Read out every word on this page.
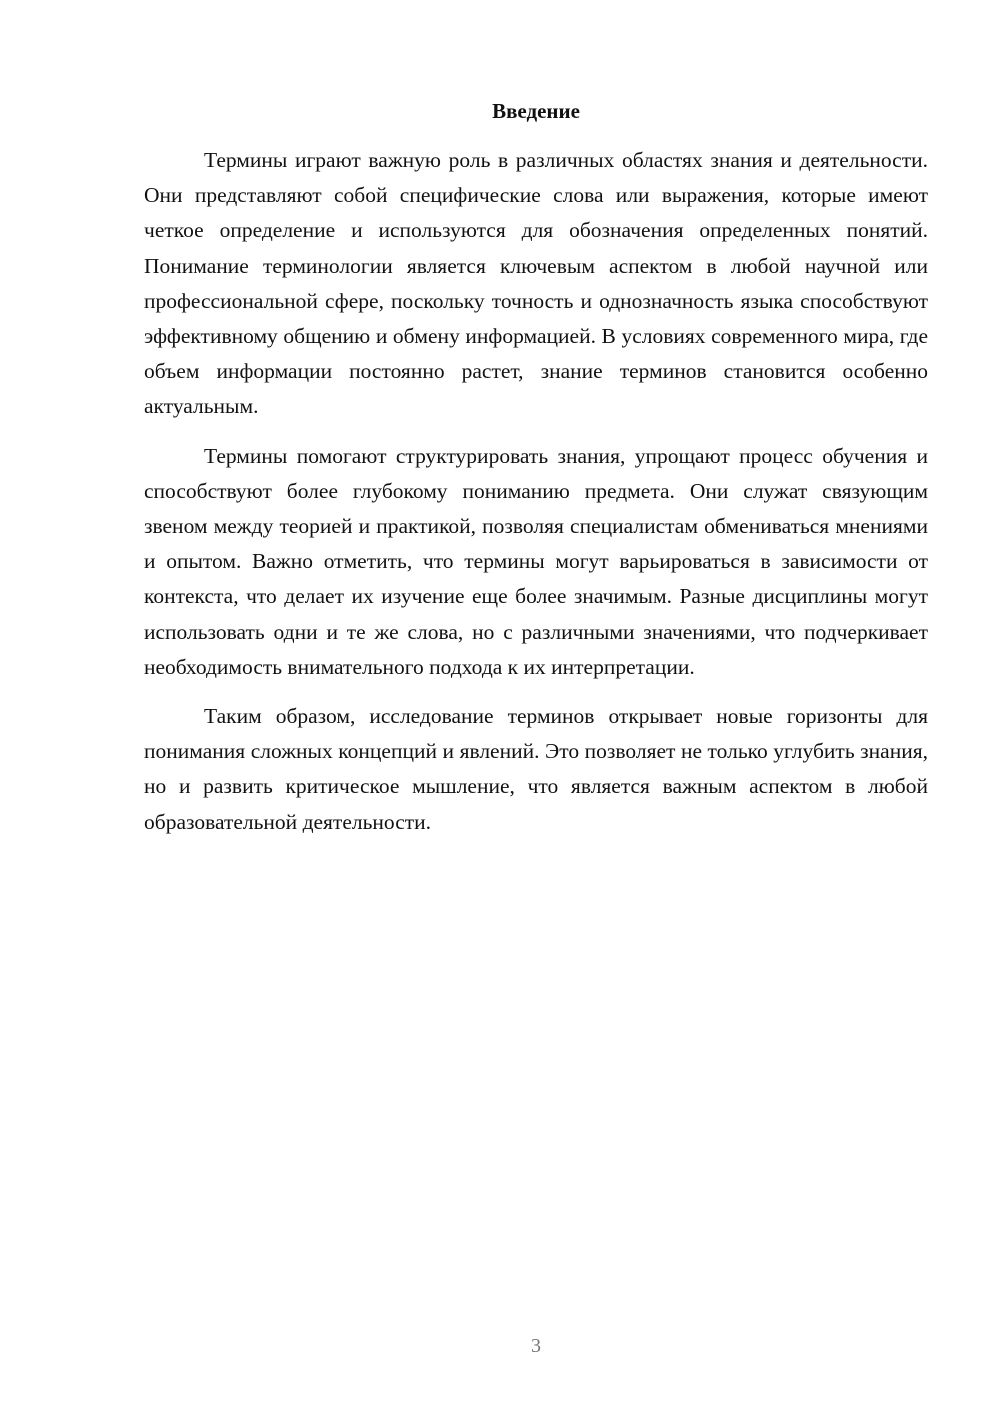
Введение

Термины играют важную роль в различных областях знания и деятельности. Они представляют собой специфические слова или выражения, которые имеют четкое определение и используются для обозначения определенных понятий. Понимание терминологии является ключевым аспектом в любой научной или профессиональной сфере, поскольку точность и однозначность языка способствуют эффективному общению и обмену информацией. В условиях современного мира, где объем информации постоянно растет, знание терминов становится особенно актуальным.

Термины помогают структурировать знания, упрощают процесс обучения и способствуют более глубокому пониманию предмета. Они служат связующим звеном между теорией и практикой, позволяя специалистам обмениваться мнениями и опытом. Важно отметить, что термины могут варьироваться в зависимости от контекста, что делает их изучение еще более значимым. Разные дисциплины могут использовать одни и те же слова, но с различными значениями, что подчеркивает необходимость внимательного подхода к их интерпретации.

Таким образом, исследование терминов открывает новые горизонты для понимания сложных концепций и явлений. Это позволяет не только углубить знания, но и развить критическое мышление, что является важным аспектом в любой образовательной деятельности.

3
